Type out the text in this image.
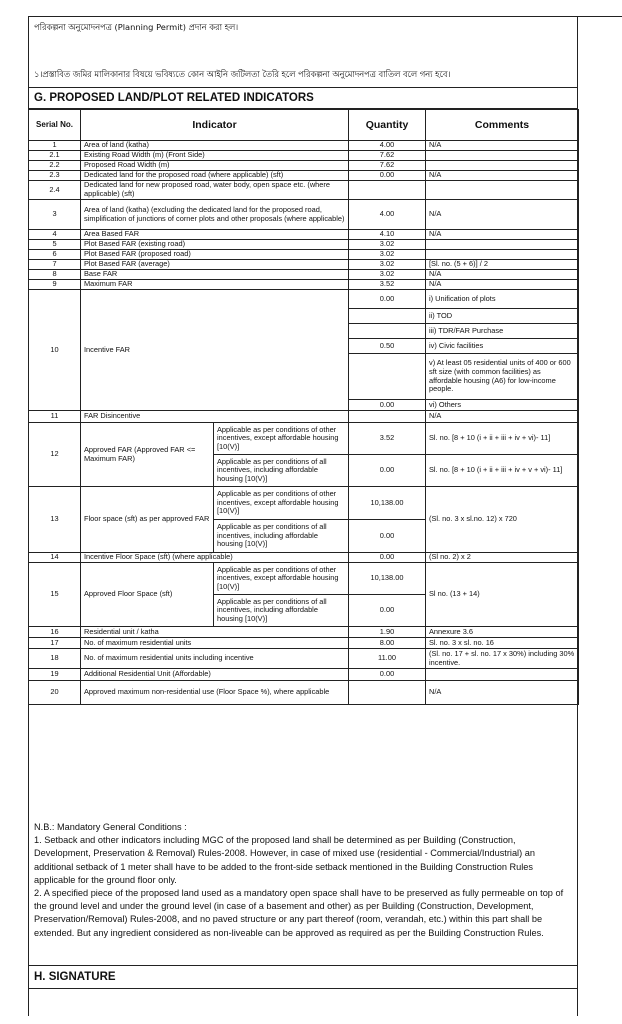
পরিকল্পনা অনুমোদনপত্র (Planning Permit) প্রদান করা হল।
১।প্রস্তাবিত জমির মালিকানার বিষয়ে ভবিষ্যতে কোন আইনি জটিলতা তৈরি হলে পরিকল্পনা অনুমোদনপত্র বাতিল বলে গন্য হবে।
G. PROPOSED LAND/PLOT RELATED INDICATORS
Serial No.	Indicator		Quantity	Comments
1	Area of land (katha)		4.00	N/A
2.1	Existing Road Width (m) (Front Side)		7.62	
2.2	Proposed Road Width (m)		7.62	
2.3	Dedicated land for the proposed road (where applicable) (sft)		0.00	N/A
2.4	Dedicated land for new proposed road, water body, open space etc. (where applicable) (sft)			
3	Area of land (katha) (excluding the dedicated land for the proposed road, simplification of junctions of corner plots and other proposals (where applicable)		4.00	N/A
4	Area Based FAR		4.10	N/A
5	Plot Based FAR (existing road)		3.02	
6	Plot Based FAR (proposed road)		3.02	
7	Plot Based FAR (average)		3.02	[Sl. no. (5 + 6)] / 2
8	Base FAR		3.02	N/A
9	Maximum FAR		3.52	N/A
10	Incentive FAR		0.00	i) Unification of plots
				ii) TOD
				iii) TDR/FAR Purchase
			0.50	iv) Civic facilities
				v) At least 05 residential units of 400 or 600 sft size (with common facilities) as affordable housing (A6) for low-income people.
			0.00	vi) Others
11	FAR Disincentive			N/A
12	Approved FAR (Approved FAR <= Maximum FAR)	Applicable as per conditions of other incentives, except affordable housing [10(V)]	3.52	Sl. no. [8 + 10 (i + ii + iii + iv + vi)- 11]
		Applicable as per conditions of all incentives, including affordable housing [10(V)]	0.00	Sl. no. [8 + 10 (i + ii + iii + iv + v + vi)- 11]
13	Floor space (sft) as per approved FAR	Applicable as per conditions of other incentives, except affordable housing [10(V)]	10,138.00	(Sl. no. 3 x sl.no. 12) x 720
		Applicable as per conditions of all incentives, including affordable housing [10(V)]	0.00	
14	Incentive Floor Space (sft) (where applicable)		0.00	(Sl no. 2) x 2
15	Approved Floor Space (sft)	Applicable as per conditions of other incentives, except affordable housing [10(V)]	10,138.00	Sl no. (13 + 14)
		Applicable as per conditions of all incentives, including affordable housing [10(V)]	0.00	
16	Residential unit / katha		1.90	Annexure 3.6
17	No. of maximum residential units		8.00	Sl. no. 3 x sl. no. 16
18	No. of maximum residential units including incentive		11.00	(Sl. no. 17 + sl. no. 17 x 30%) including 30% incentive.
19	Additional Residential Unit (Affordable)		0.00	
20	Approved maximum non-residential use (Floor Space %), where applicable			N/A

N.B.: Mandatory General Conditions :
1. Setback and other indicators including MGC of the proposed land shall be determined as per Building (Construction, Development, Preservation & Removal) Rules-2008. However, in case of mixed use (residential - Commercial/Industrial) an additional setback of 1 meter shall have to be added to the front-side setback mentioned in the Building Construction Rules applicable for the ground floor only.
2. A specified piece of the proposed land used as a mandatory open space shall have to be preserved as fully permeable on top of the ground level and under the ground level (in case of a basement and other) as per Building (Construction, Development, Preservation/Removal) Rules-2008, and no paved structure or any part thereof (room, verandah, etc.) within this part shall be extended. But any ingredient considered as non-liveable can be approved as required as per the Building Construction Rules.
H. SIGNATURE
